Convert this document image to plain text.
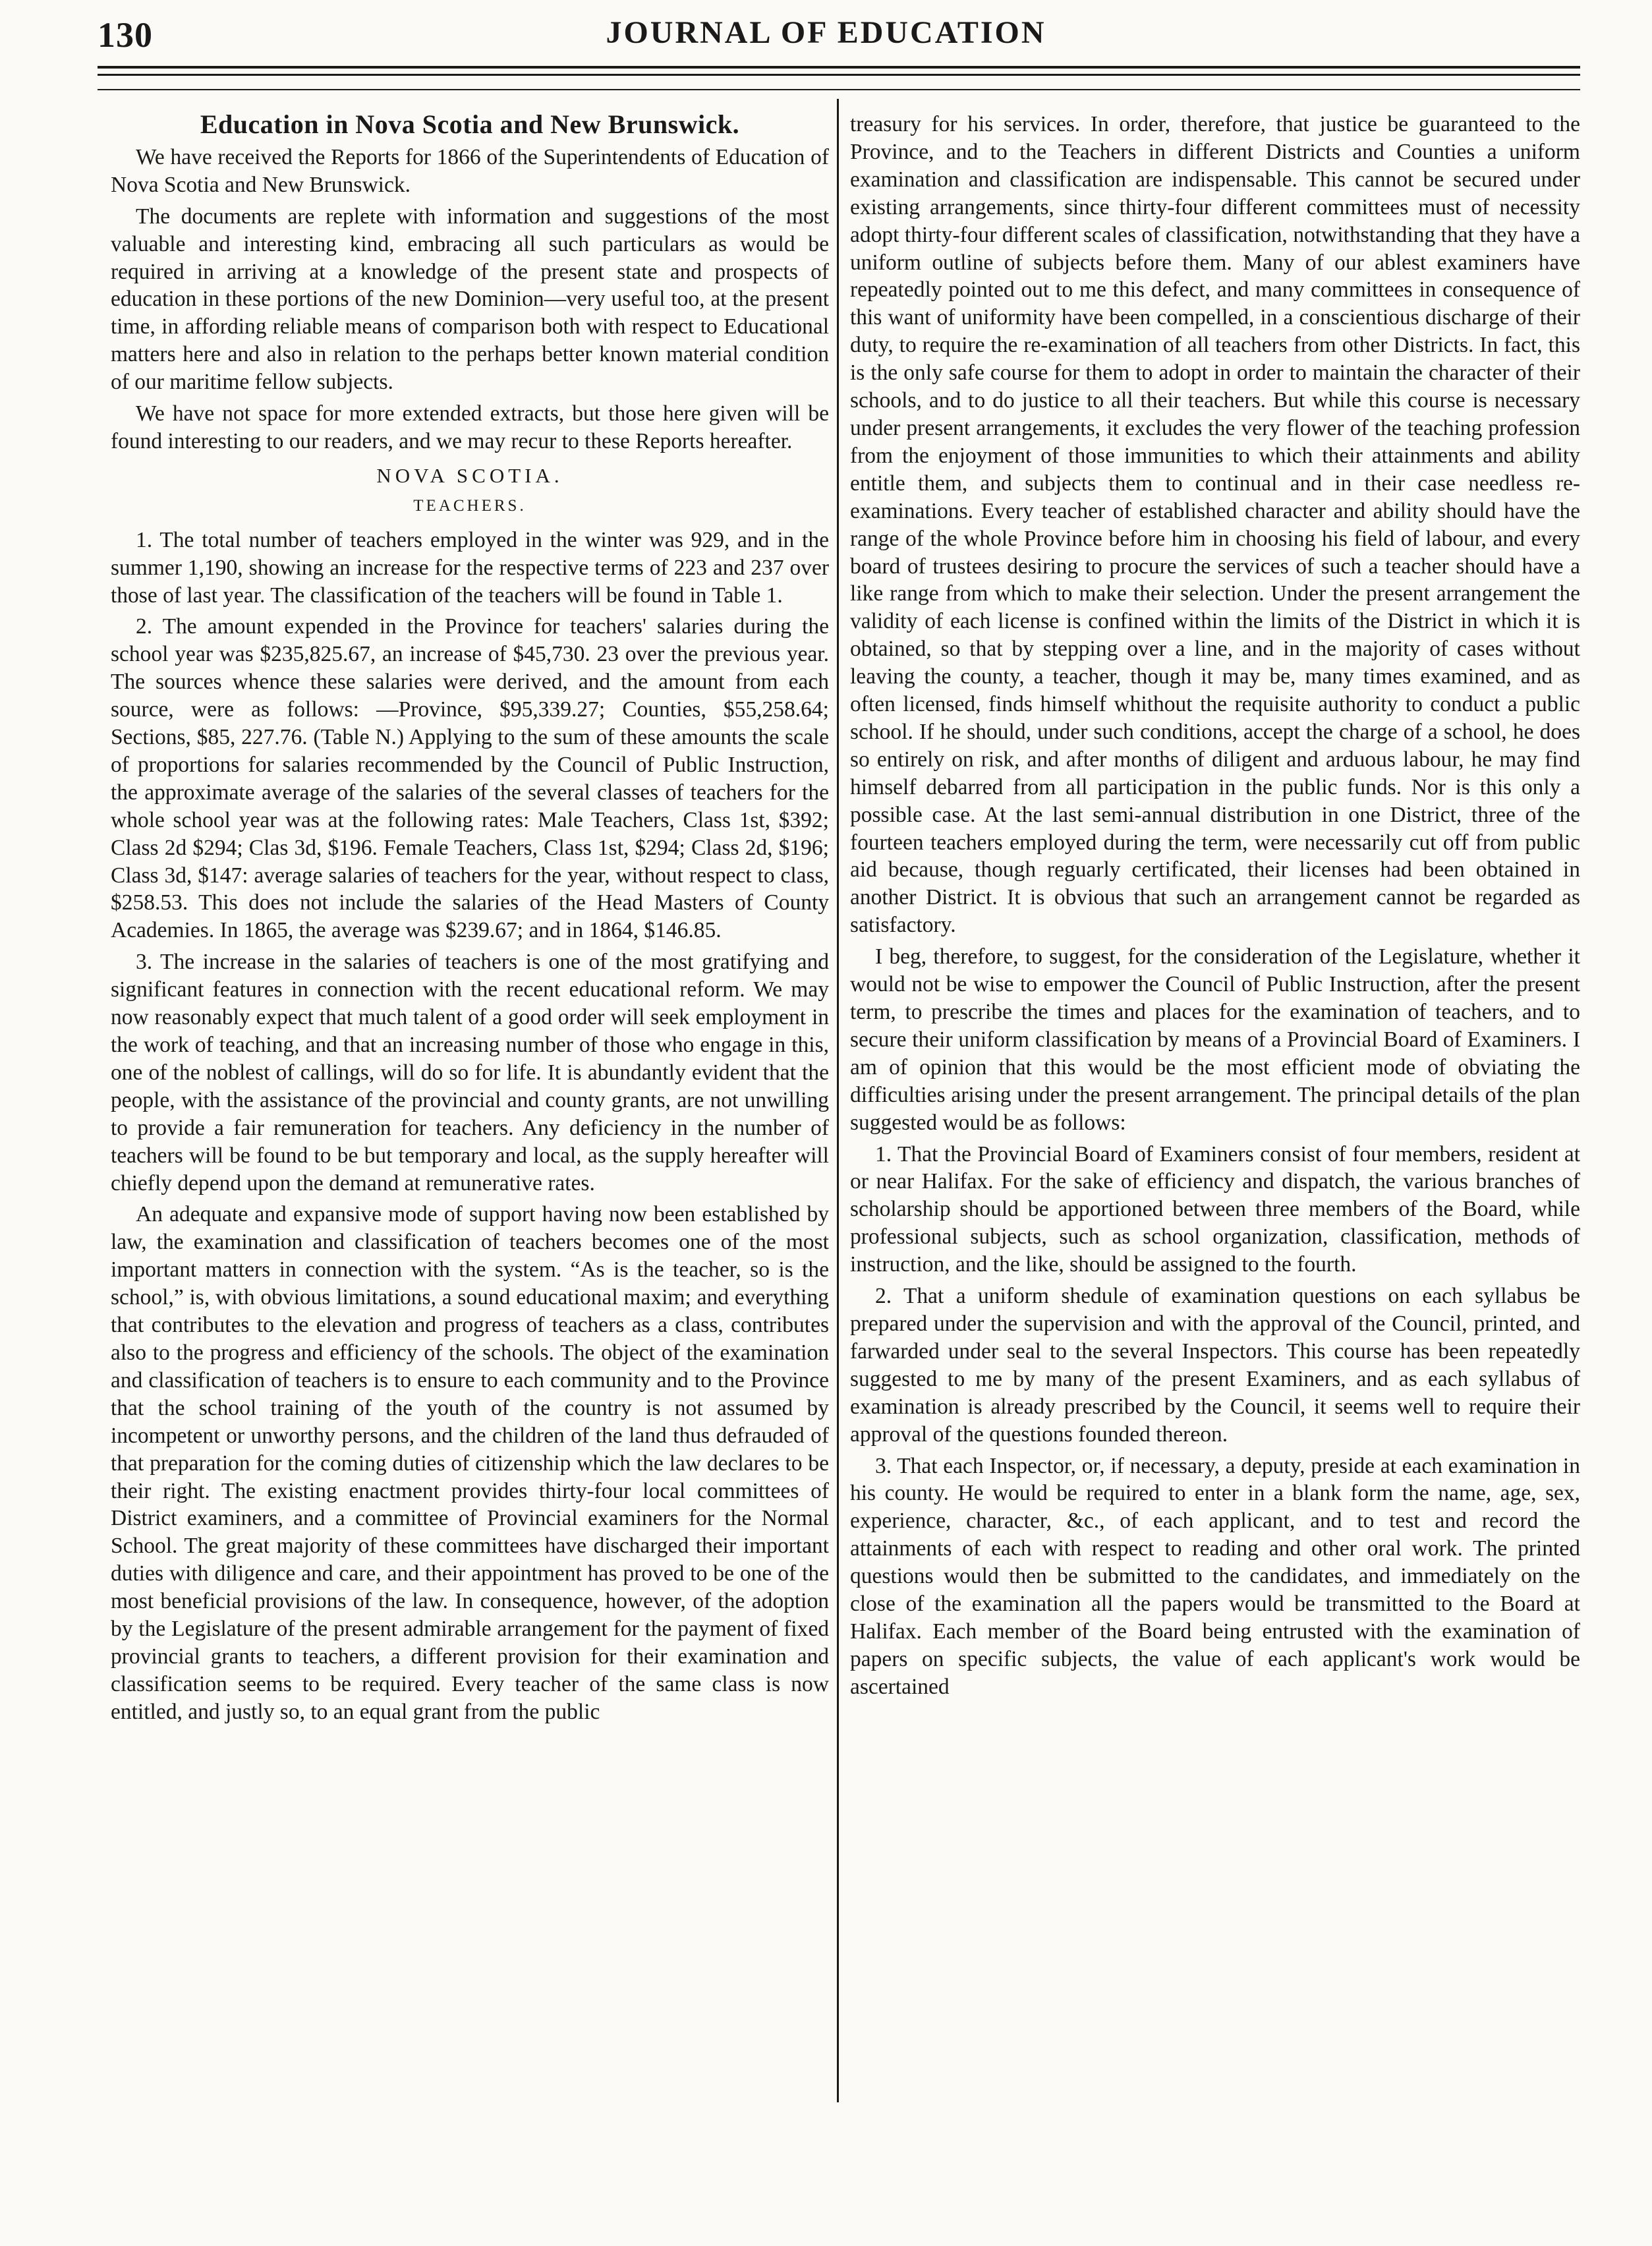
130	JOURNAL OF EDUCATION
Education in Nova Scotia and New Brunswick.

We have received the Reports for 1866 of the Superintendents of Education of Nova Scotia and New Brunswick.

The documents are replete with information and suggestions of the most valuable and interesting kind, embracing all such particulars as would be required in arriving at a knowledge of the present state and prospects of education in these portions of the new Dominion—very useful too, at the present time, in affording reliable means of comparison both with respect to Educational matters here and also in relation to the perhaps better known material condition of our maritime fellow subjects.

We have not space for more extended extracts, but those here given will be found interesting to our readers, and we may recur to these Reports hereafter.

NOVA SCOTIA.
TEACHERS.

1. The total number of teachers employed in the winter was 929, and in the summer 1,190, showing an increase for the respective terms of 223 and 237 over those of last year. The classification of the teachers will be found in Table 1.

2. The amount expended in the Province for teachers' salaries during the school year was $235,825.67, an increase of $45,730. 23 over the previous year. The sources whence these salaries were derived, and the amount from each source, were as follows: —Province, $95,339.27; Counties, $55,258.64; Sections, $85, 227.76. (Table N.) Applying to the sum of these amounts the scale of proportions for salaries recommended by the Council of Public Instruction, the approximate average of the salaries of the several classes of teachers for the whole school year was at the following rates: Male Teachers, Class 1st, $392; Class 2d $294; Clas 3d, $196. Female Teachers, Class 1st, $294; Class 2d, $196; Class 3d, $147: average salaries of teachers for the year, without respect to class, $258.53. This does not include the salaries of the Head Masters of County Academies. In 1865, the average was $239.67; and in 1864, $146.85.

3. The increase in the salaries of teachers is one of the most gratifying and significant features in connection with the recent educational reform. We may now reasonably expect that much talent of a good order will seek employment in the work of teaching, and that an increasing number of those who engage in this, one of the noblest of callings, will do so for life. It is abundantly evident that the people, with the assistance of the provincial and county grants, are not unwilling to provide a fair remuneration for teachers. Any deficiency in the number of teachers will be found to be but temporary and local, as the supply hereafter will chiefly depend upon the demand at remunerative rates.

An adequate and expansive mode of support having now been established by law, the examination and classification of teachers becomes one of the most important matters in connection with the system. “As is the teacher, so is the school,” is, with obvious limitations, a sound educational maxim; and everything that contributes to the elevation and progress of teachers as a class, contributes also to the progress and efficiency of the schools. The object of the examination and classification of teachers is to ensure to each community and to the Province that the school training of the youth of the country is not assumed by incompetent or unworthy persons, and the children of the land thus defrauded of that preparation for the coming duties of citizenship which the law declares to be their right. The existing enactment provides thirty-four local committees of District examiners, and a committee of Provincial examiners for the Normal School. The great majority of these committees have discharged their important duties with diligence and care, and their appointment has proved to be one of the most beneficial provisions of the law. In consequence, however, of the adoption by the Legislature of the present admirable arrangement for the payment of fixed provincial grants to teachers, a different provision for their examination and classification seems to be required. Every teacher of the same class is now entitled, and justly so, to an equal grant from the public

treasury for his services. In order, therefore, that justice be guaranteed to the Province, and to the Teachers in different Districts and Counties a uniform examination and classification are indispensable. This cannot be secured under existing arrangements, since thirty-four different committees must of necessity adopt thirty-four different scales of classification, notwithstanding that they have a uniform outline of subjects before them. Many of our ablest examiners have repeatedly pointed out to me this defect, and many committees in consequence of this want of uniformity have been compelled, in a conscientious discharge of their duty, to require the re-examination of all teachers from other Districts. In fact, this is the only safe course for them to adopt in order to maintain the character of their schools, and to do justice to all their teachers. But while this course is necessary under present arrangements, it excludes the very flower of the teaching profession from the enjoyment of those immunities to which their attainments and ability entitle them, and subjects them to continual and in their case needless re-examinations. Every teacher of established character and ability should have the range of the whole Province before him in choosing his field of labour, and every board of trustees desiring to procure the services of such a teacher should have a like range from which to make their selection. Under the present arrangement the validity of each license is confined within the limits of the District in which it is obtained, so that by stepping over a line, and in the majority of cases without leaving the county, a teacher, though it may be, many times examined, and as often licensed, finds himself whithout the requisite authority to conduct a public school. If he should, under such conditions, accept the charge of a school, he does so entirely on risk, and after months of diligent and arduous labour, he may find himself debarred from all participation in the public funds. Nor is this only a possible case. At the last semi-annual distribution in one District, three of the fourteen teachers employed during the term, were necessarily cut off from public aid because, though reguarly certificated, their licenses had been obtained in another District. It is obvious that such an arrangement cannot be regarded as satisfactory.

I beg, therefore, to suggest, for the consideration of the Legislature, whether it would not be wise to empower the Council of Public Instruction, after the present term, to prescribe the times and places for the examination of teachers, and to secure their uniform classification by means of a Provincial Board of Examiners. I am of opinion that this would be the most efficient mode of obviating the difficulties arising under the present arrangement. The principal details of the plan suggested would be as follows:

1. That the Provincial Board of Examiners consist of four members, resident at or near Halifax. For the sake of efficiency and dispatch, the various branches of scholarship should be apportioned between three members of the Board, while professional subjects, such as school organization, classification, methods of instruction, and the like, should be assigned to the fourth.

2. That a uniform shedule of examination questions on each syllabus be prepared under the supervision and with the approval of the Council, printed, and farwarded under seal to the several Inspectors. This course has been repeatedly suggested to me by many of the present Examiners, and as each syllabus of examination is already prescribed by the Council, it seems well to require their approval of the questions founded thereon.

3. That each Inspector, or, if necessary, a deputy, preside at each examination in his county. He would be required to enter in a blank form the name, age, sex, experience, character, &c., of each applicant, and to test and record the attainments of each with respect to reading and other oral work. The printed questions would then be submitted to the candidates, and immediately on the close of the examination all the papers would be transmitted to the Board at Halifax. Each member of the Board being entrusted with the examination of papers on specific subjects, the value of each applicant's work would be ascertained
